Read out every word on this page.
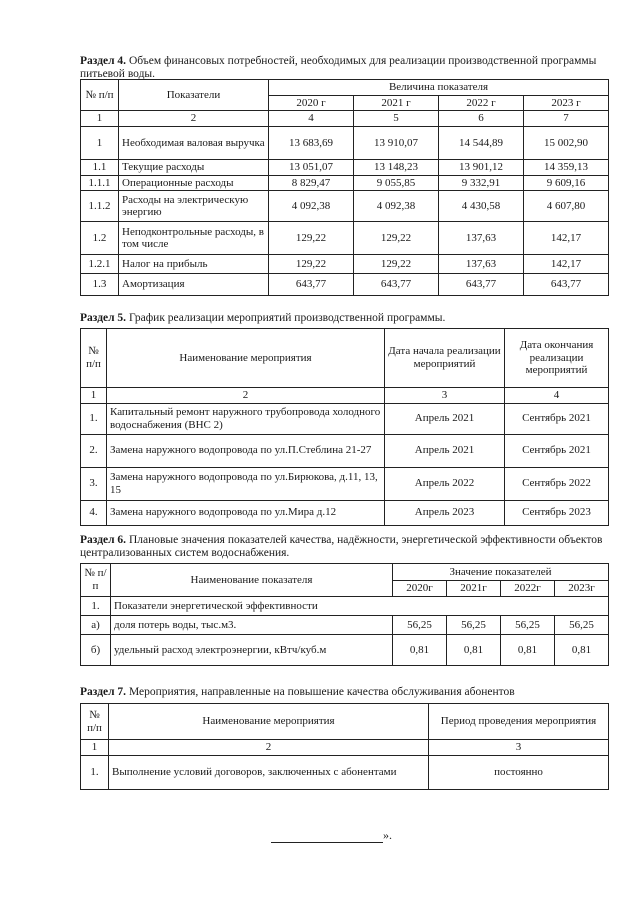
Раздел 4. Объем финансовых потребностей, необходимых для реализации производственной программы питьевой воды.
№ п/п	Показатели	Величина показателя			
		2020 г	2021 г	2022 г	2023 г
1	2	4	5	6	7
1	Необходимая валовая выручка	13 683,69	13 910,07	14 544,89	15 002,90
1.1	Текущие расходы	13 051,07	13 148,23	13 901,12	14 359,13
1.1.1	Операционные расходы	8 829,47	9 055,85	9 332,91	9 609,16
1.1.2	Расходы на электрическую энергию	4 092,38	4 092,38	4 430,58	4 607,80
1.2	Неподконтрольные расходы, в том числе	129,22	129,22	137,63	142,17
1.2.1	Налог на прибыль	129,22	129,22	137,63	142,17
1.3	Амортизация	643,77	643,77	643,77	643,77
Раздел 5. График реализации мероприятий производственной программы.
№ п/п	Наименование мероприятия	Дата начала реализации мероприятий	Дата окончания реализации мероприятий
1	2	3	4
1.	Капитальный ремонт наружного трубопровода холодного водоснабжения (ВНС 2)	Апрель 2021	Сентябрь 2021
2.	Замена наружного водопровода по ул.П.Стеблина 21-27	Апрель 2021	Сентябрь 2021
3.	Замена наружного водопровода по ул.Бирюкова, д.11, 13, 15	Апрель 2022	Сентябрь 2022
4.	Замена наружного водопровода по ул.Мира д.12	Апрель 2023	Сентябрь 2023
Раздел 6. Плановые значения показателей качества, надёжности, энергетической эффективности объектов централизованных систем водоснабжения.
№ п/п	Наименование показателя	Значение показателей			
		2020г	2021г	2022г	2023г
1.	Показатели энергетической эффективности				
а)	доля потерь воды, тыс.м3.	56,25	56,25	56,25	56,25
б)	удельный расход электроэнергии, кВтч/куб.м	0,81	0,81	0,81	0,81
Раздел 7. Мероприятия, направленные на повышение качества обслуживания абонентов
№ п/п	Наименование мероприятия	Период проведения мероприятия
1	2	3
1.	Выполнение условий договоров, заключенных с абонентами	постоянно
».
